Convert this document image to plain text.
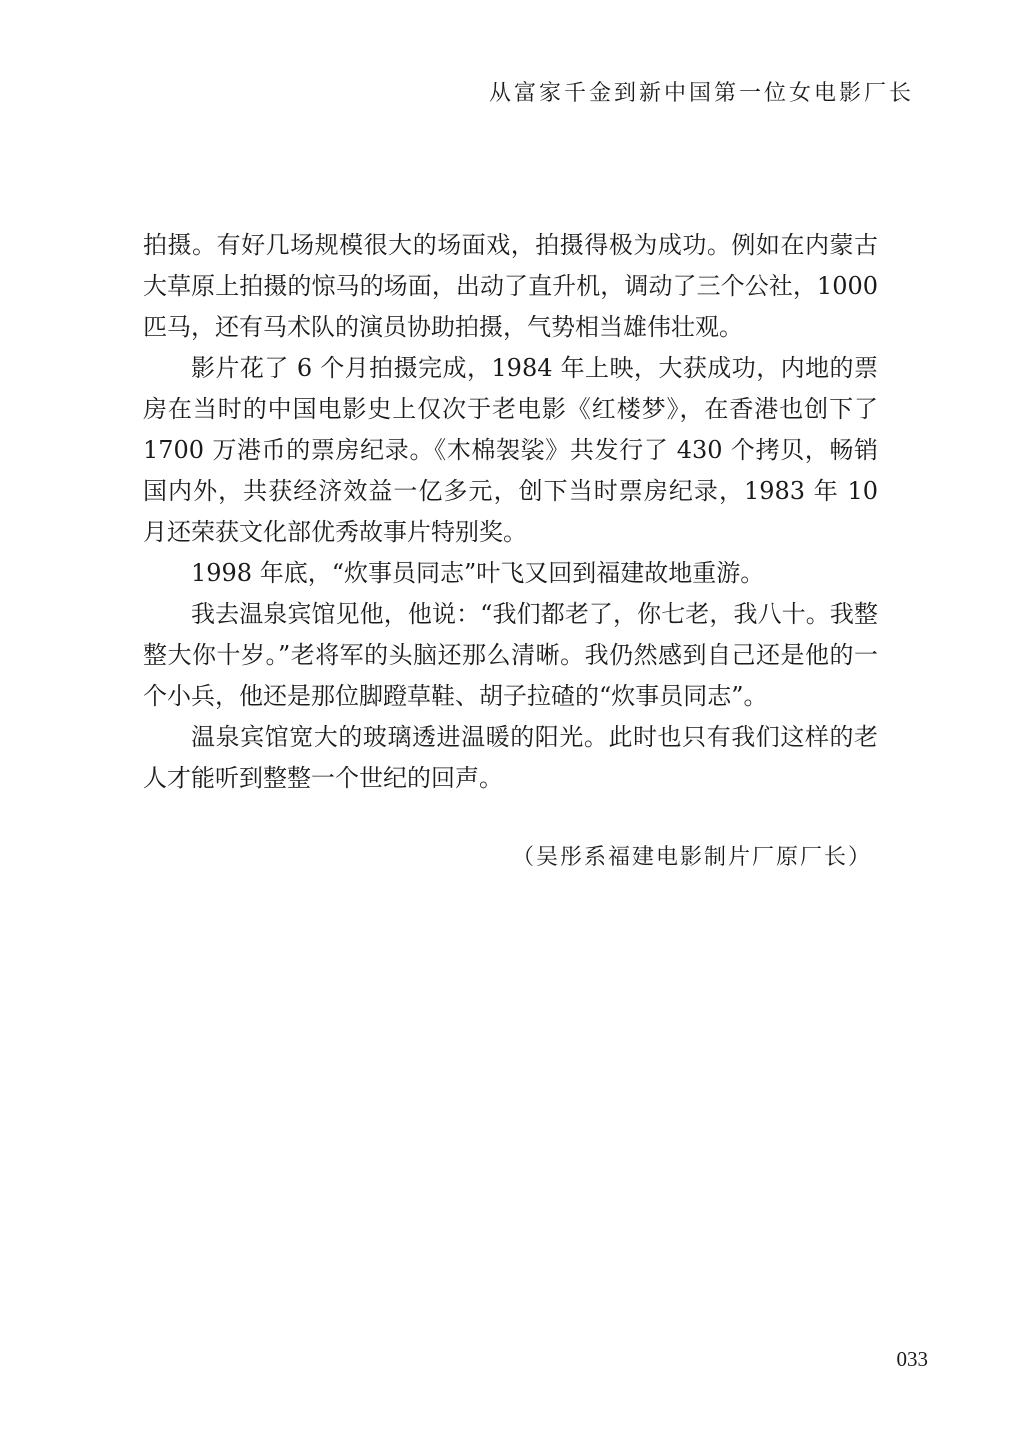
从富家千金到新中国第一位女电影厂长

拍摄。有好几场规模很大的场面戏，拍摄得极为成功。例如在内蒙古大草原上拍摄的惊马的场面，出动了直升机，调动了三个公社，1000 匹马，还有马术队的演员协助拍摄，气势相当雄伟壮观。

影片花了 6 个月拍摄完成，1984 年上映，大获成功，内地的票房在当时的中国电影史上仅次于老电影《红楼梦》，在香港也创下了 1700 万港币的票房纪录。《木棉袈裟》共发行了 430 个拷贝，畅销国内外，共获经济效益一亿多元，创下当时票房纪录，1983 年 10 月还荣获文化部优秀故事片特别奖。

1998 年底，“炊事员同志”叶飞又回到福建故地重游。

我去温泉宾馆见他，他说：“我们都老了，你七老，我八十。我整整大你十岁。”老将军的头脑还那么清晰。我仍然感到自己还是他的一个小兵，他还是那位脚蹬草鞋、胡子拉碴的“炊事员同志”。

温泉宾馆宽大的玻璃透进温暖的阳光。此时也只有我们这样的老人才能听到整整一个世纪的回声。

（吴彤系福建电影制片厂原厂长）
033
